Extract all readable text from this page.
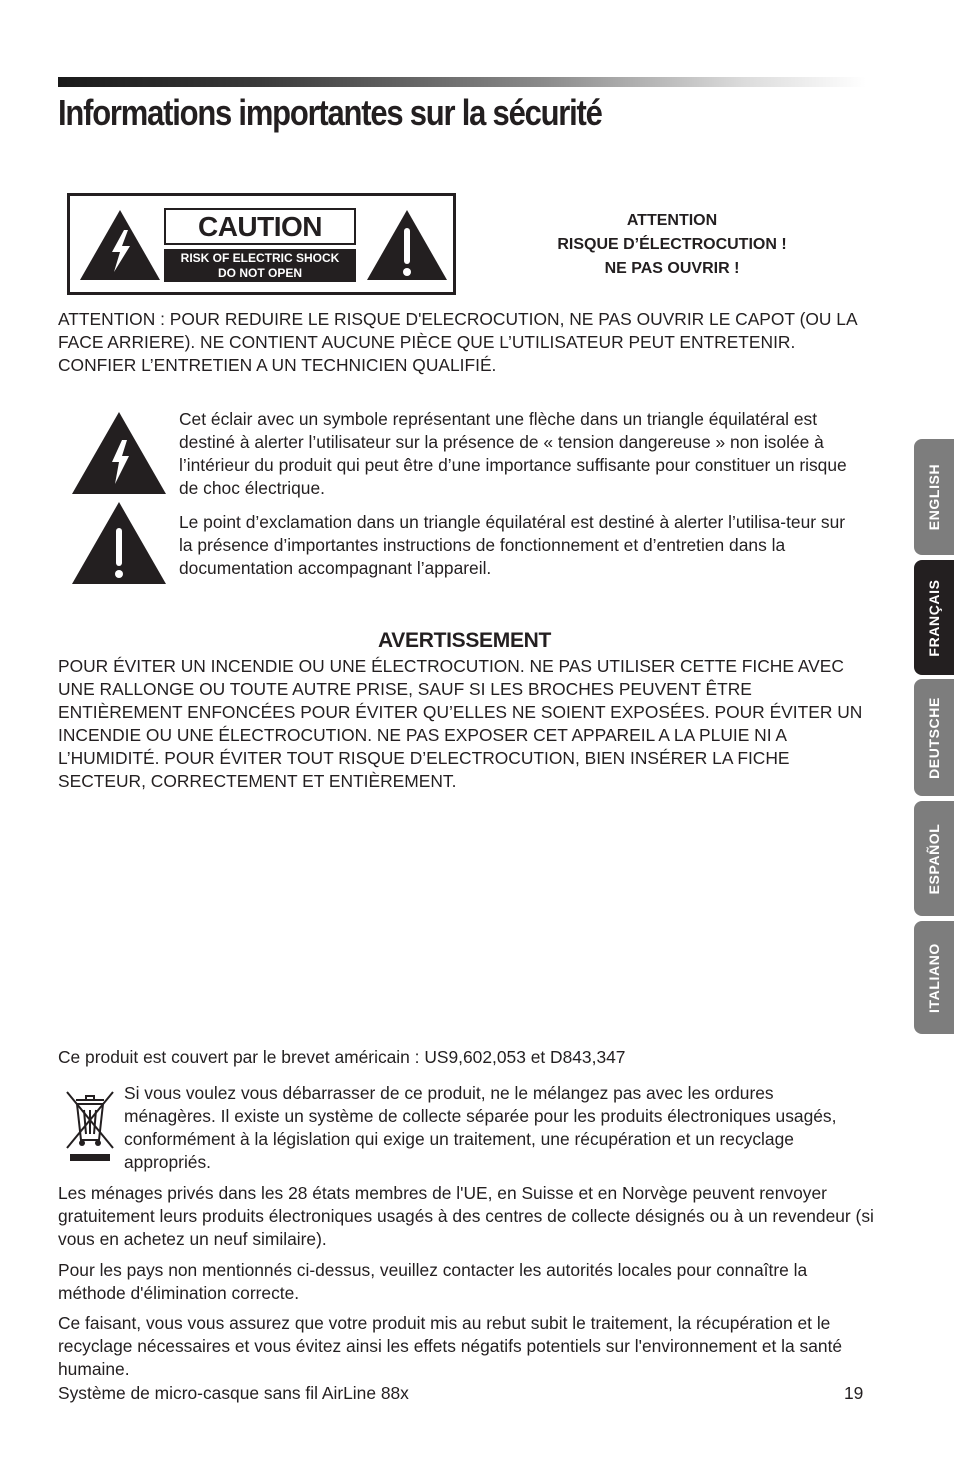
Informations importantes sur la sécurité
CAUTION
RISK OF ELECTRIC SHOCK
DO NOT OPEN
ATTENTION
RISQUE D’ÉLECTROCUTION !
NE PAS OUVRIR !

ATTENTION : POUR REDUIRE LE RISQUE D'ELECROCUTION, NE PAS OUVRIR LE CAPOT (OU LA FACE ARRIERE). NE CONTIENT AUCUNE PIÈCE QUE L’UTILISATEUR PEUT ENTRETENIR. CONFIER L’ENTRETIEN A UN TECHNICIEN QUALIFIÉ.

Cet éclair avec un symbole représentant une flèche dans un triangle équilatéral est destiné à alerter l’utilisateur sur la présence de « tension dangereuse » non isolée à l’intérieur du produit qui peut être d’une importance suffisante pour constituer un risque de choc électrique.

Le point d’exclamation dans un triangle équilatéral est destiné à alerter l’utilisa-teur sur la présence d’importantes instructions de fonctionnement et d’entretien dans la documentation accompagnant l’appareil.

AVERTISSEMENT

POUR ÉVITER UN INCENDIE OU UNE ÉLECTROCUTION. NE PAS UTILISER CETTE FICHE AVEC UNE RALLONGE OU TOUTE AUTRE PRISE, SAUF SI LES BROCHES PEUVENT ÊTRE ENTIÈREMENT ENFONCÉES POUR ÉVITER QU’ELLES NE SOIENT EXPOSÉES. POUR ÉVITER UN INCENDIE OU UNE ÉLECTROCUTION. NE PAS EXPOSER CET APPAREIL A LA PLUIE NI A L’HUMIDITÉ. POUR ÉVITER TOUT RISQUE D’ELECTROCUTION, BIEN INSÉRER LA FICHE SECTEUR, CORRECTEMENT ET ENTIÈREMENT.

ENGLISH
FRANÇAIS
DEUTSCHE
ESPAÑOL
ITALIANO

Ce produit est couvert par le brevet américain : US9,602,053 et D843,347

Si vous voulez vous débarrasser de ce produit, ne le mélangez pas avec les ordures ménagères. Il existe un système de collecte séparée pour les produits électroniques usagés, conformément à la législation qui exige un traitement, une récupération et un recyclage appropriés.

Les ménages privés dans les 28 états membres de l'UE, en Suisse et en Norvège peuvent renvoyer gratuitement leurs produits électroniques usagés à des centres de collecte désignés ou à un revendeur (si vous en achetez un neuf similaire).

Pour les pays non mentionnés ci-dessus, veuillez contacter les autorités locales pour connaître la méthode d'élimination correcte.

Ce faisant, vous vous assurez que votre produit mis au rebut subit le traitement, la récupération et le recyclage nécessaires et vous évitez ainsi les effets négatifs potentiels sur l'environnement et la santé humaine.

Système de micro-casque sans fil AirLine 88x	19
